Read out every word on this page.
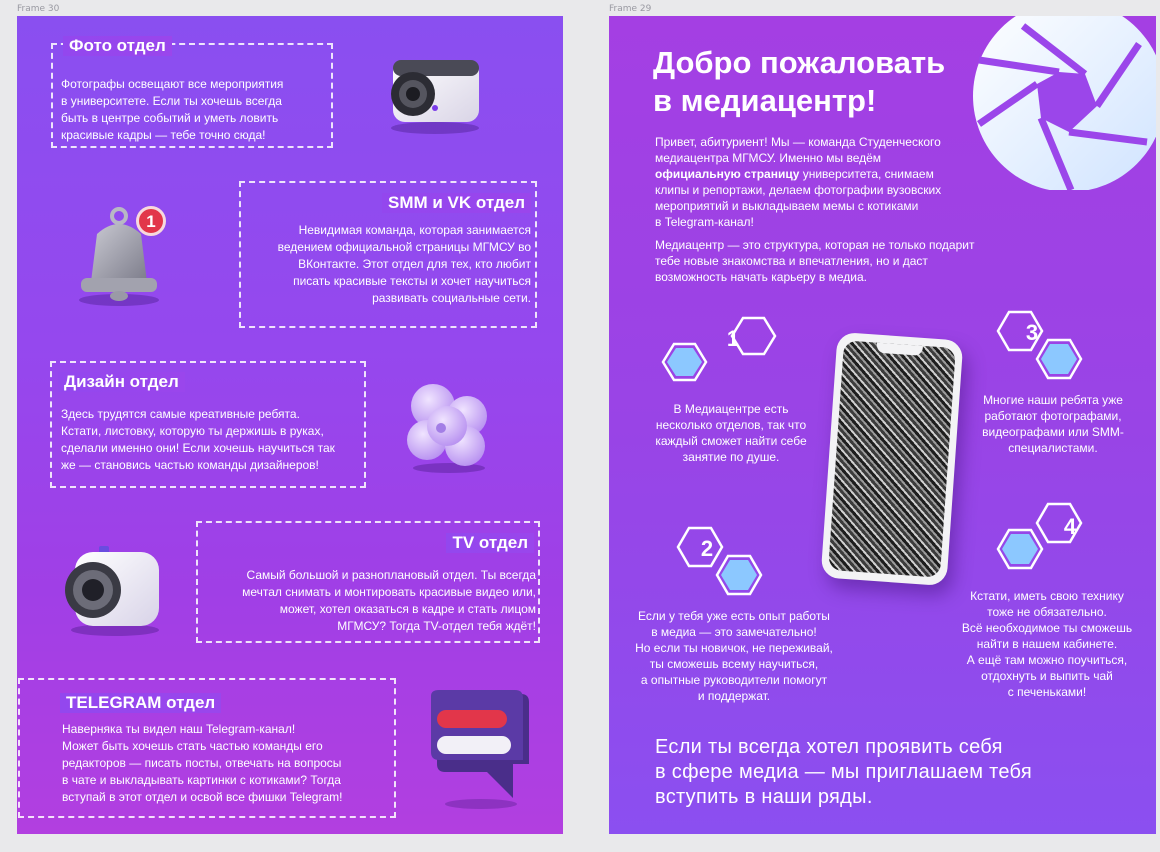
Frame 30	Frame 29
Фото отдел

Фотографы освещают все мероприятия
в университете. Если ты хочешь всегда
быть в центре событий и уметь ловить
красивые кадры — тебе точно сюда!

SMM и VK отдел

Невидимая команда, которая занимается
ведением официальной страницы МГМСУ во
ВКонтакте. Этот отдел для тех, кто любит
писать красивые тексты и хочет научиться
развивать социальные сети.

1
Дизайн отдел

Здесь трудятся самые креативные ребята.
Кстати, листовку, которую ты держишь в руках,
сделали именно они! Если хочешь научиться так
же — становись частью команды дизайнеров!

TV отдел

Самый большой и разноплановый отдел. Ты всегда
мечтал снимать и монтировать красивые видео или,
может, хотел оказаться в кадре и стать лицом
МГМСУ? Тогда TV-отдел тебя ждёт!

TELEGRAM отдел

Наверняка ты видел наш Telegram-канал!
Может быть хочешь стать частью команды его
редакторов — писать посты, отвечать на вопросы
в чате и выкладывать картинки с котиками? Тогда
вступай в этот отдел и освой все фишки Telegram!

Добро пожаловать
в медиацентр!

Привет, абитуриент! Мы — команда Студенческого
медиацентра МГМСУ. Именно мы ведём
официальную страницу университета, снимаем
клипы и репортажи, делаем фотографии вузовских
мероприятий и выкладываем мемы с котиками
в Telegram-канал!

Медиацентр — это структура, которая не только подарит
тебе новые знакомства и впечатления, но и даст
возможность начать карьеру в медиа.

1	3
2
4

В Медиацентре есть
несколько отделов, так что
каждый сможет найти себе
занятие по душе.

Многие наши ребята уже
работают фотографами,
видеографами или SMM-
специалистами.

Если у тебя уже есть опыт работы
в медиа — это замечательно!
Но если ты новичок, не переживай,
ты сможешь всему научиться,
а опытные руководители помогут
и поддержат.

Кстати, иметь свою технику
тоже не обязательно.
Всё необходимое ты сможешь
найти в нашем кабинете.
А ещё там можно поучиться,
отдохнуть и выпить чай
с печеньками!

Если ты всегда хотел проявить себя
в сфере медиа — мы приглашаем тебя
вступить в наши ряды.
